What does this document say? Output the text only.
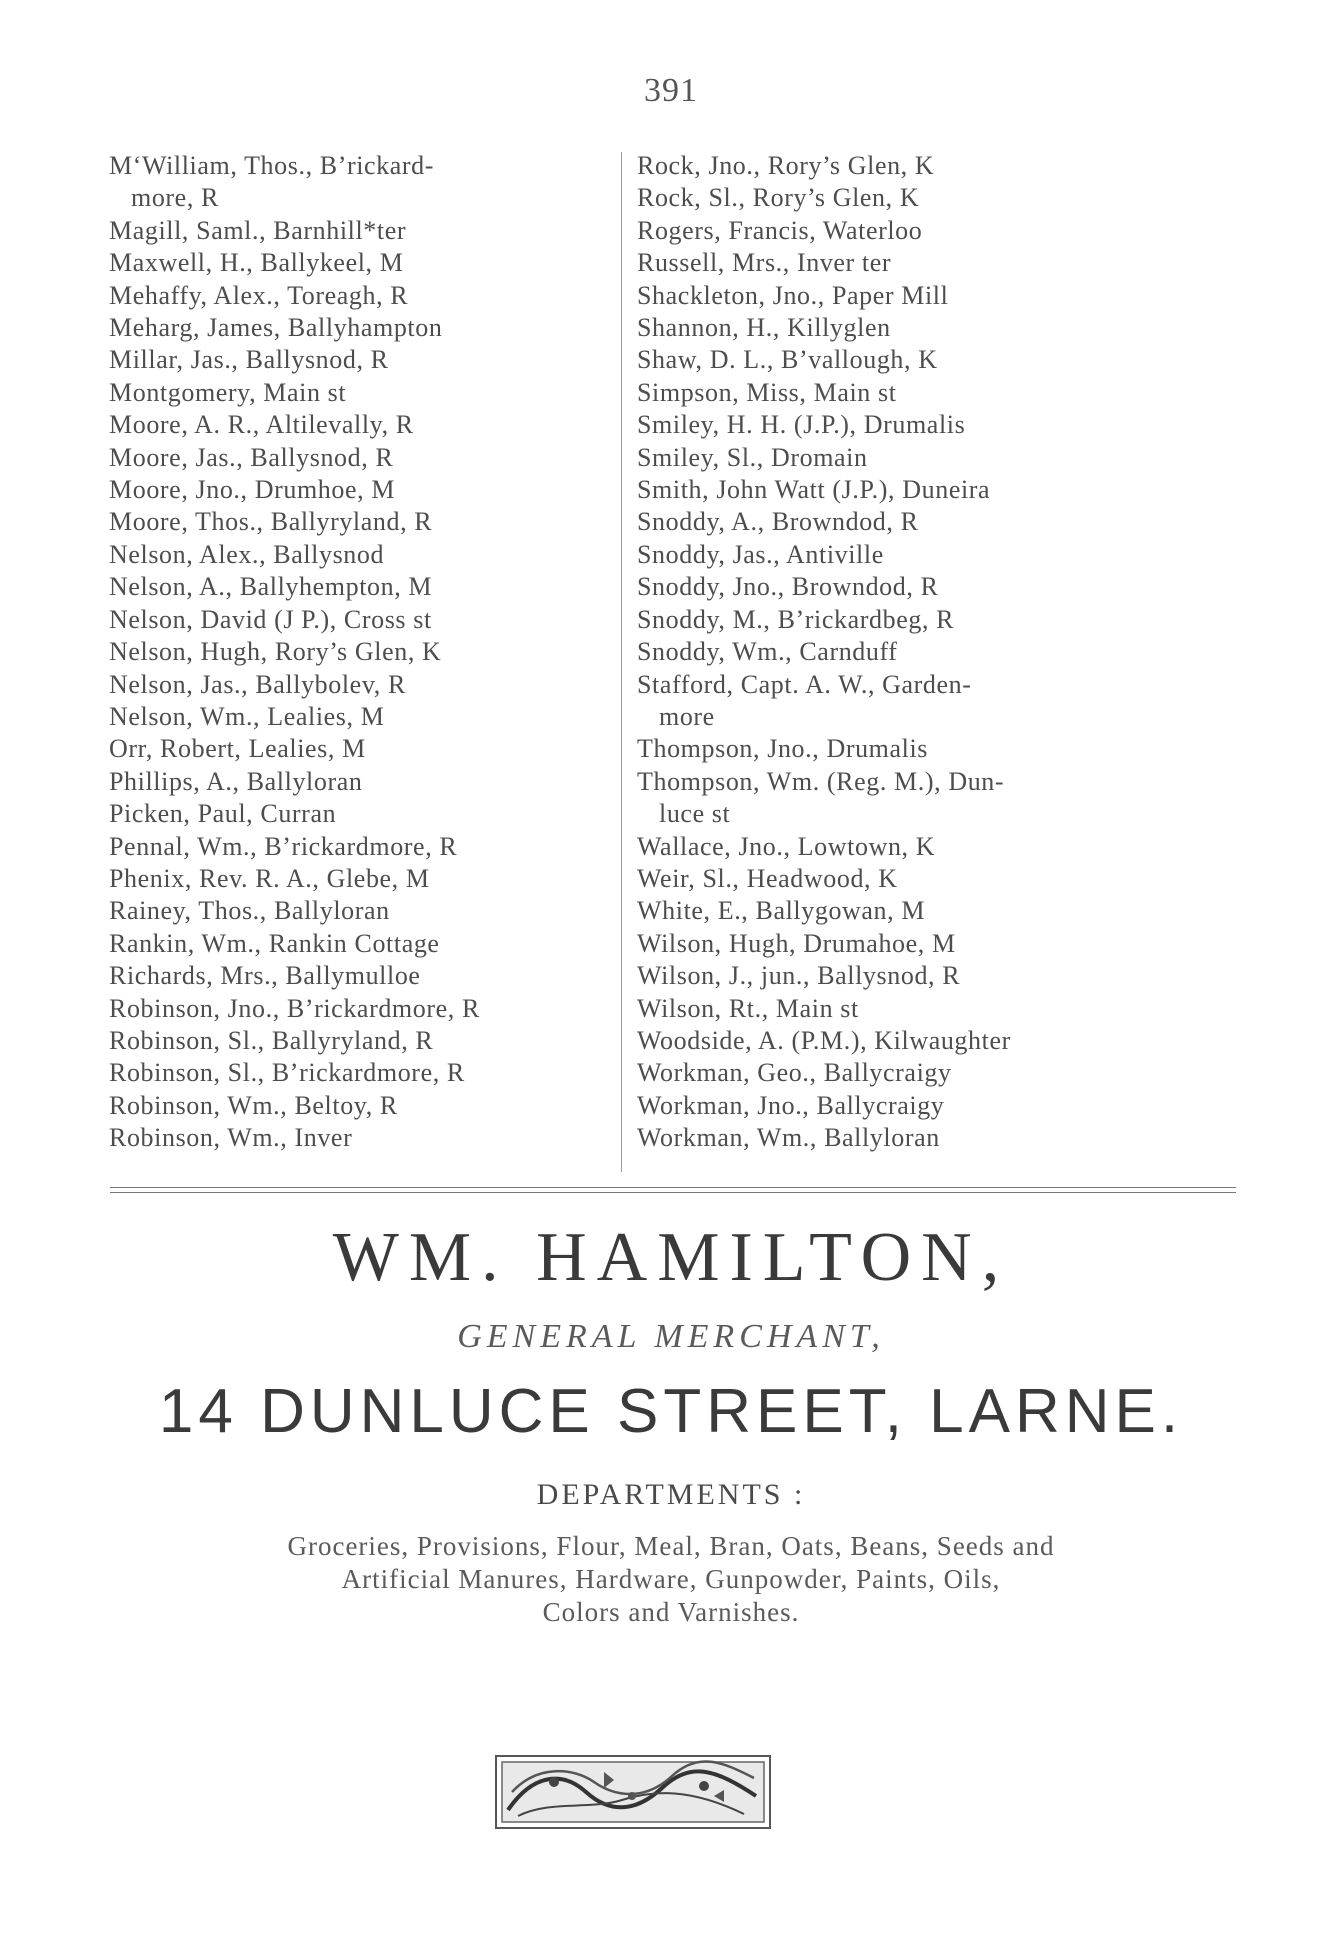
391
M‘William, Thos., B’rickard-
more, R
Magill, Saml., Barnhill*ter
Maxwell, H., Ballykeel, M
Mehaffy, Alex., Toreagh, R
Meharg, James, Ballyhampton
Millar, Jas., Ballysnod, R
Montgomery, Main st
Moore, A. R., Altilevally, R
Moore, Jas., Ballysnod, R
Moore, Jno., Drumhoe, M
Moore, Thos., Ballyryland, R
Nelson, Alex., Ballysnod
Nelson, A., Ballyhempton, M
Nelson, David (J P.), Cross st
Nelson, Hugh, Rory’s Glen, K
Nelson, Jas., Ballybolev, R
Nelson, Wm., Lealies, M
Orr, Robert, Lealies, M
Phillips, A., Ballyloran
Picken, Paul, Curran
Pennal, Wm., B’rickardmore, R
Phenix, Rev. R. A., Glebe, M
Rainey, Thos., Ballyloran
Rankin, Wm., Rankin Cottage
Richards, Mrs., Ballymulloe
Robinson, Jno., B’rickardmore, R
Robinson, Sl., Ballyryland, R
Robinson, Sl., B’rickardmore, R
Robinson, Wm., Beltoy, R
Robinson, Wm., Inver
Rock, Jno., Rory’s Glen, K
Rock, Sl., Rory’s Glen, K
Rogers, Francis, Waterloo
Russell, Mrs., Inver ter
Shackleton, Jno., Paper Mill
Shannon, H., Killyglen
Shaw, D. L., B’vallough, K
Simpson, Miss, Main st
Smiley, H. H. (J.P.), Drumalis
Smiley, Sl., Dromain
Smith, John Watt (J.P.), Duneira
Snoddy, A., Browndod, R
Snoddy, Jas., Antiville
Snoddy, Jno., Browndod, R
Snoddy, M., B’rickardbeg, R
Snoddy, Wm., Carnduff
Stafford, Capt. A. W., Garden-
more
Thompson, Jno., Drumalis
Thompson, Wm. (Reg. M.), Dun-
luce st
Wallace, Jno., Lowtown, K
Weir, Sl., Headwood, K
White, E., Ballygowan, M
Wilson, Hugh, Drumahoe, M
Wilson, J., jun., Ballysnod, R
Wilson, Rt., Main st
Woodside, A. (P.M.), Kilwaughter
Workman, Geo., Ballycraigy
Workman, Jno., Ballycraigy
Workman, Wm., Ballyloran
WM. HAMILTON,
GENERAL MERCHANT,
14 DUNLUCE STREET, LARNE.
DEPARTMENTS :
Groceries, Provisions, Flour, Meal, Bran, Oats, Beans, Seeds and
Artificial Manures, Hardware, Gunpowder, Paints, Oils,
Colors and Varnishes.
